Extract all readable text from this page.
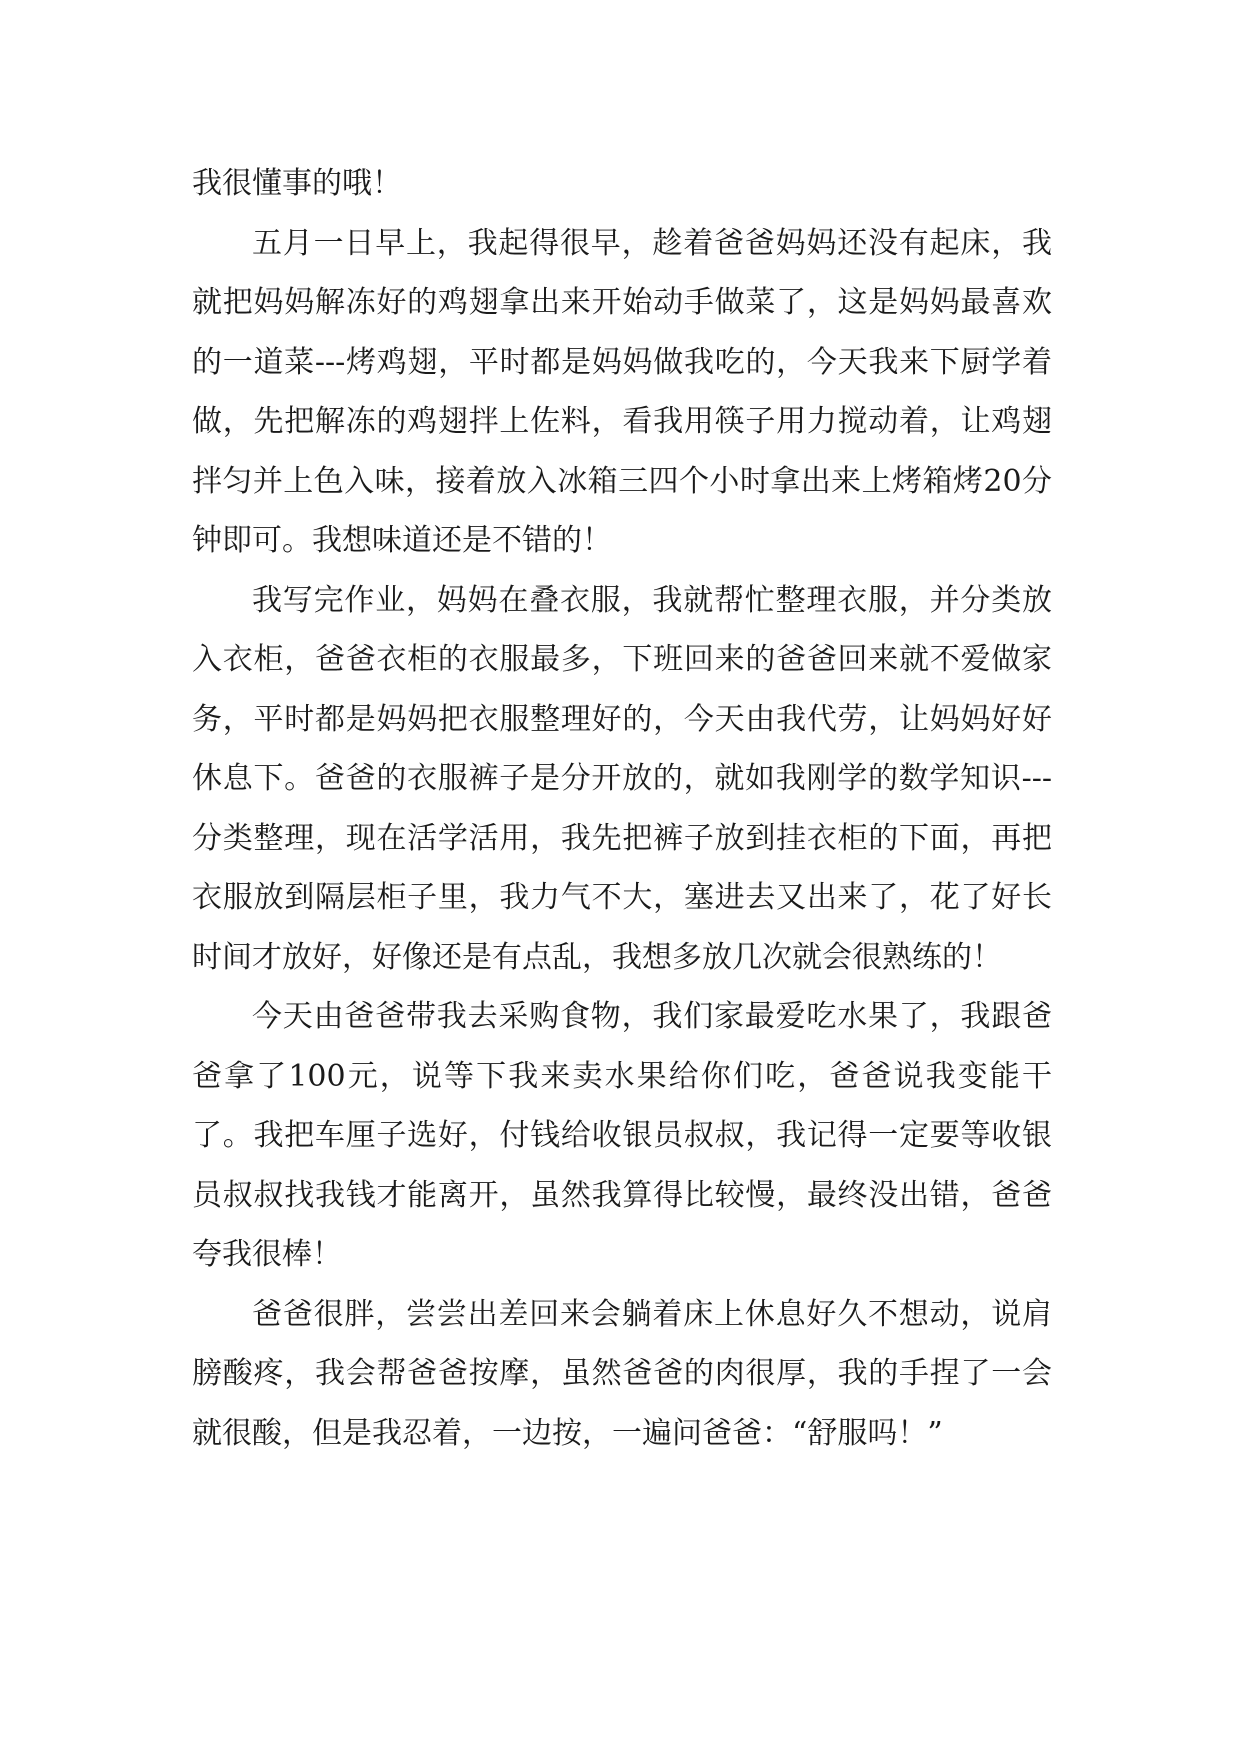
我很懂事的哦！

五月一日早上，我起得很早，趁着爸爸妈妈还没有起床，我就把妈妈解冻好的鸡翅拿出来开始动手做菜了，这是妈妈最喜欢的一道菜---烤鸡翅，平时都是妈妈做我吃的，今天我来下厨学着做，先把解冻的鸡翅拌上佐料，看我用筷子用力搅动着，让鸡翅拌匀并上色入味，接着放入冰箱三四个小时拿出来上烤箱烤20分钟即可。我想味道还是不错的！

我写完作业，妈妈在叠衣服，我就帮忙整理衣服，并分类放入衣柜，爸爸衣柜的衣服最多，下班回来的爸爸回来就不爱做家务，平时都是妈妈把衣服整理好的，今天由我代劳，让妈妈好好休息下。爸爸的衣服裤子是分开放的，就如我刚学的数学知识---分类整理，现在活学活用，我先把裤子放到挂衣柜的下面，再把衣服放到隔层柜子里，我力气不大，塞进去又出来了，花了好长时间才放好，好像还是有点乱，我想多放几次就会很熟练的！

今天由爸爸带我去采购食物，我们家最爱吃水果了，我跟爸爸拿了100元，说等下我来卖水果给你们吃，爸爸说我变能干了。我把车厘子选好，付钱给收银员叔叔，我记得一定要等收银员叔叔找我钱才能离开，虽然我算得比较慢，最终没出错，爸爸夸我很棒！

爸爸很胖，尝尝出差回来会躺着床上休息好久不想动，说肩膀酸疼，我会帮爸爸按摩，虽然爸爸的肉很厚，我的手捏了一会就很酸，但是我忍着，一边按，一遍问爸爸：“舒服吗！”
